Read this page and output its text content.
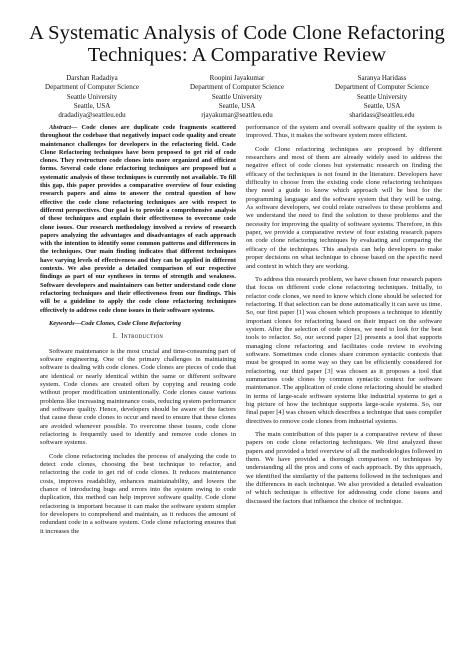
A Systematic Analysis of Code Clone Refactoring
Techniques: A Comparative Review
Darshan Radadiya
Department of Computer Science
Seattle University
Seattle, USA
dradadiya@seattleu.edu
Roopini Jayakumar
Department of Computer Science
Seattle University
Seattle, USA
rjayakumar@seattleu.edu
Saranya Haridass
Department of Computer Science
Seattle University
Seattle, USA
sharidass@seattleu.edu

Abstract— Code clones are duplicate code fragments scattered throughout the codebase that negatively impact code quality and create maintenance challenges for developers in the refactoring field. Code Clone Refactoring techniques have been proposed to get rid of code clones. They restructure code clones into more organized and efficient forms. Several code clone refactoring techniques are proposed but a systematic analysis of these techniques is currently not available. To fill this gap, this paper provides a comparative overview of four existing research papers and aims to answer the central question of how effective the code clone refactoring techniques are with respect to different perspectives. Our goal is to provide a comprehensive analysis of these techniques and explain their effectiveness to overcome code clone issues. Our research methodology involved a review of research papers analyzing the advantages and disadvantages of each approach with the intention to identify some common patterns and differences in the techniques. Our main finding indicates that different techniques have varying levels of effectiveness and they can be applied in different contexts. We also provide a detailed comparison of our respective findings as part of our syntheses in terms of strength and weakness. Software developers and maintainers can better understand code clone refactoring techniques and their effectiveness from our findings. This will be a guideline to apply the code clone refactoring techniques effectively to address code clone issues in their software systems.

Keywords—Code Clones, Code Clone Refactoring

I. Introduction

Software maintenance is the most crucial and time-consuming part of software engineering. One of the primary challenges in maintaining software is dealing with code clones. Code clones are pieces of code that are identical or nearly identical within the same or different software system. Code clones are created often by copying and reusing code without proper modification unintentionally. Code clones cause various problems like increasing maintenance costs, reducing system performance and software quality. Hence, developers should be aware of the factors that cause these code clones to occur and need to ensure that these clones are avoided whenever possible. To overcome these issues, code clone refactoring is frequently used to identify and remove code clones in software systems.

Code clone refactoring includes the process of analyzing the code to detect code clones, choosing the best technique to refactor, and refactoring the code to get rid of code clones. It reduces maintenance costs, improves readability, enhances maintainability, and lowers the chance of introducing bugs and errors into the system owing to code duplication, this method can help improve software quality. Code clone refactoring is important because it can make the software system simpler for developers to comprehend and maintain, as it reduces the amount of redundant code in a software system. Code clone refactoring ensures that it increases the

performance of the system and overall software quality of the system is improved. Thus, it makes the software system more efficient.

Code Clone refactoring techniques are proposed by different researchers and most of them are already widely used to address the negative effect of code clones but systematic research on finding the efficacy of the techniques is not found in the literature. Developers have difficulty to choose from the existing code clone refactoring techniques they need a guide to know which approach will be best for the programming language and the software system that they will be using. As software developers, we could relate ourselves to these problems and we understand the need to find the solution to these problems and the necessity for improving the quality of software systems. Therefore, in this paper, we provide a comparative review of four existing research papers on code clone refactoring techniques by evaluating and comparing the efficacy of the techniques. This analysis can help developers to make proper decisions on what technique to choose based on the specific need and context in which they are working.

To address this research problem, we have chosen four research papers that focus on different code clone refactoring techniques. Initially, to refactor code clones, we need to know which clone should be selected for refactoring. If that selection can be done automatically it can save us time. So, our first paper [1] was chosen which proposes a technique to identify important clones for refactoring based on their impact on the software system. After the selection of code clones, we need to look for the best tools to refactor. So, our second paper [2] presents a tool that supports managing clone refactoring and facilitates code review in evolving software. Sometimes code clones share common syntactic contexts that must be grouped in some way so they can be efficiently considered for refactoring, our third paper [3] was chosen as it proposes a tool that summarizes code clones by common syntactic context for software maintenance. The application of code clone refactoring should be studied in terms of large-scale software systems like industrial systems to get a big picture of how the technique supports large-scale systems. So, our final paper [4] was chosen which describes a technique that uses compiler directives to remove code clones from industrial systems.

The main contribution of this paper is a comparative review of these papers on code clone refactoring techniques. We first analyzed these papers and provided a brief overview of all the methodologies followed in them. We have provided a thorough comparison of techniques by understanding all the pros and cons of each approach. By this approach, we identified the similarity of the patterns followed in the techniques and the differences in each technique. We also provided a detailed evaluation of which technique is effective for addressing code clone issues and discussed the factors that influence the choice of technique.
